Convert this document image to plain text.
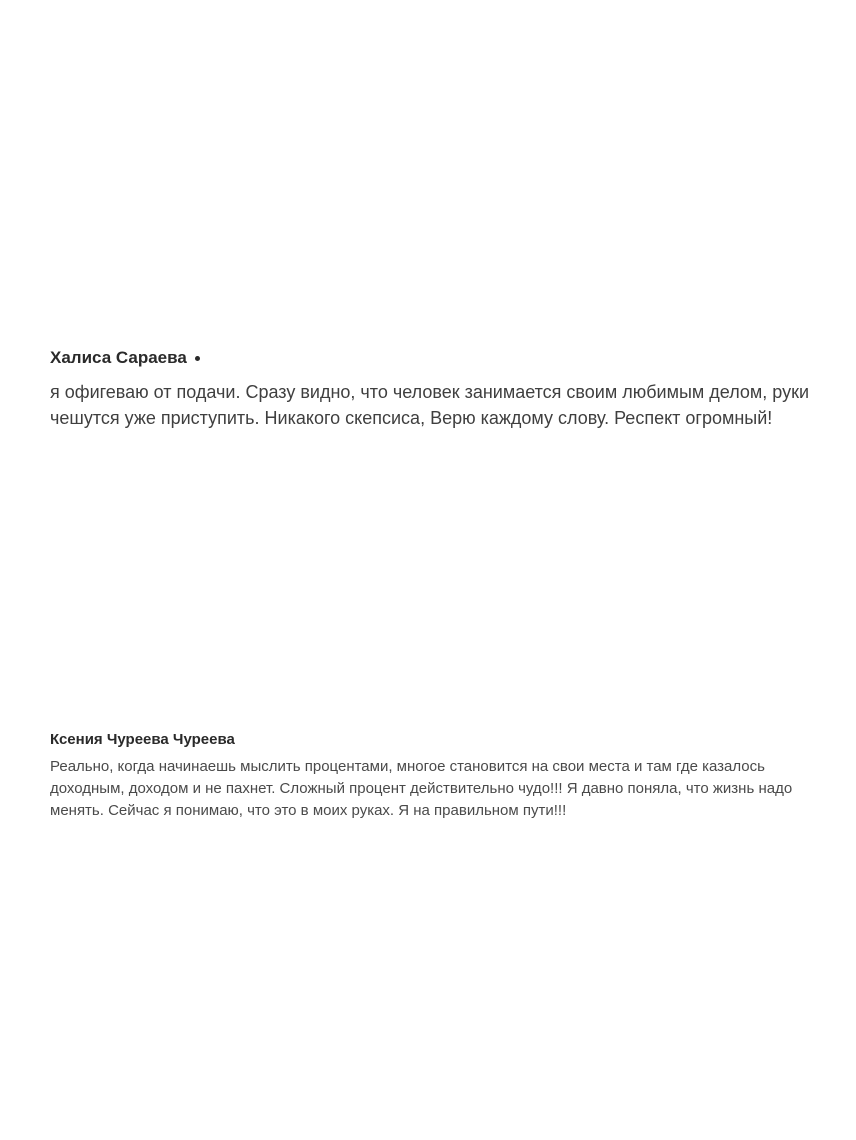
Халиса Сараева

я офигеваю от подачи. Сразу видно, что человек занимается своим любимым делом, руки чешутся уже приступить. Никакого скепсиса, Верю каждому слову. Респект огромный!

Ксения Чуреева Чуреева

Реально, когда начинаешь мыслить процентами, многое становится на свои места и там где казалось доходным, доходом и не пахнет. Сложный процент действительно чудо!!! Я давно поняла, что жизнь надо менять. Сейчас я понимаю, что это в моих руках. Я на правильном пути!!!
